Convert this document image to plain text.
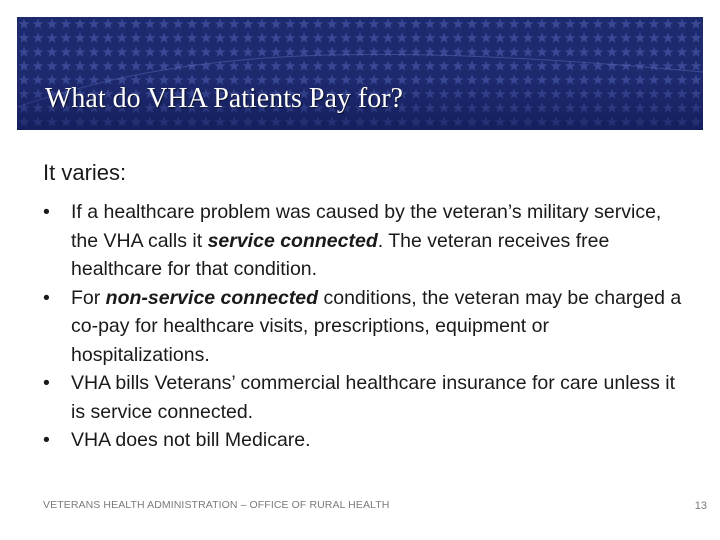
What do VHA Patients Pay for?
It varies:
• If a healthcare problem was caused by the veteran’s military service, the VHA calls it service connected. The veteran receives free healthcare for that condition.
• For non-service connected conditions, the veteran may be charged a co-pay for healthcare visits, prescriptions, equipment or hospitalizations.
• VHA bills Veterans’ commercial healthcare insurance for care unless it is service connected.
• VHA does not bill Medicare.
VETERANS HEALTH ADMINISTRATION – OFFICE OF RURAL HEALTH	13
